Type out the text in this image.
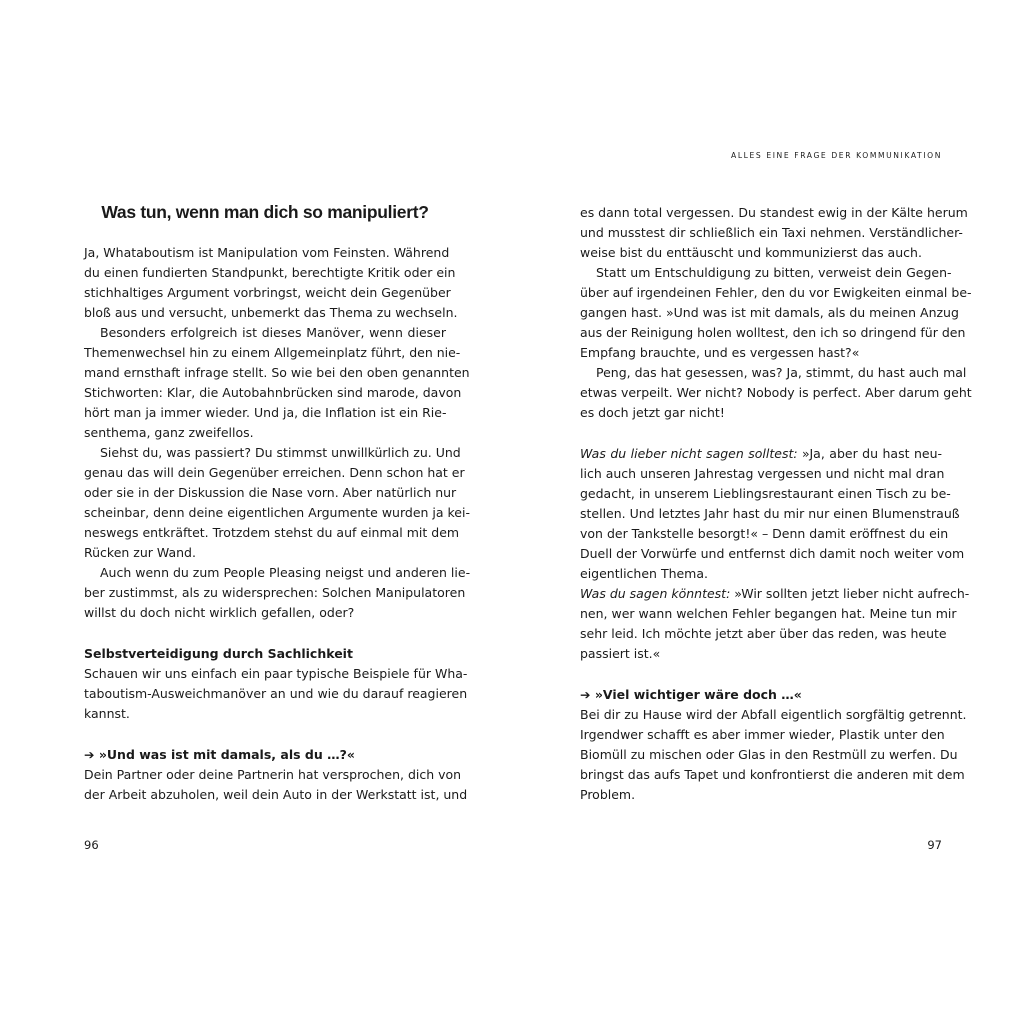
Was tun, wenn man dich so manipuliert?
Ja, Whataboutism ist Manipulation vom Feinsten. Während
du einen fundierten Standpunkt, berechtigte Kritik oder ein
stichhaltiges Argument vorbringst, weicht dein Gegenüber
bloß aus und versucht, unbemerkt das Thema zu wechseln.
Besonders erfolgreich ist dieses Manöver, wenn dieser
Themenwechsel hin zu einem Allgemeinplatz führt, den nie-
mand ernsthaft infrage stellt. So wie bei den oben genannten
Stichworten: Klar, die Autobahnbrücken sind marode, davon
hört man ja immer wieder. Und ja, die Inflation ist ein Rie-
senthema, ganz zweifellos.
Siehst du, was passiert? Du stimmst unwillkürlich zu. Und
genau das will dein Gegenüber erreichen. Denn schon hat er
oder sie in der Diskussion die Nase vorn. Aber natürlich nur
scheinbar, denn deine eigentlichen Argumente wurden ja kei-
neswegs entkräftet. Trotzdem stehst du auf einmal mit dem
Rücken zur Wand.
Auch wenn du zum People Pleasing neigst und anderen lie-
ber zustimmst, als zu widersprechen: Solchen Manipulatoren
willst du doch nicht wirklich gefallen, oder?
Selbstverteidigung durch Sachlichkeit
Schauen wir uns einfach ein paar typische Beispiele für Wha-
taboutism-Ausweichmanöver an und wie du darauf reagieren
kannst.
➔ »Und was ist mit damals, als du …?«
Dein Partner oder deine Partnerin hat versprochen, dich von
der Arbeit abzuholen, weil dein Auto in der Werkstatt ist, und
96
ALLES EINE FRAGE DER KOMMUNIKATION
es dann total vergessen. Du standest ewig in der Kälte herum
und musstest dir schließlich ein Taxi nehmen. Verständlicher-
weise bist du enttäuscht und kommunizierst das auch.
Statt um Entschuldigung zu bitten, verweist dein Gegen-
über auf irgendeinen Fehler, den du vor Ewigkeiten einmal be-
gangen hast. »Und was ist mit damals, als du meinen Anzug
aus der Reinigung holen wolltest, den ich so dringend für den
Empfang brauchte, und es vergessen hast?«
Peng, das hat gesessen, was? Ja, stimmt, du hast auch mal
etwas verpeilt. Wer nicht? Nobody is perfect. Aber darum geht
es doch jetzt gar nicht!
Was du lieber nicht sagen solltest: »Ja, aber du hast neu-
lich auch unseren Jahrestag vergessen und nicht mal dran
gedacht, in unserem Lieblingsrestaurant einen Tisch zu be-
stellen. Und letztes Jahr hast du mir nur einen Blumenstrauß
von der Tankstelle besorgt!« – Denn damit eröffnest du ein
Duell der Vorwürfe und entfernst dich damit noch weiter vom
eigentlichen Thema.
Was du sagen könntest: »Wir sollten jetzt lieber nicht aufrech-
nen, wer wann welchen Fehler begangen hat. Meine tun mir
sehr leid. Ich möchte jetzt aber über das reden, was heute
passiert ist.«
➔ »Viel wichtiger wäre doch …«
Bei dir zu Hause wird der Abfall eigentlich sorgfältig getrennt.
Irgendwer schafft es aber immer wieder, Plastik unter den
Biomüll zu mischen oder Glas in den Restmüll zu werfen. Du
bringst das aufs Tapet und konfrontierst die anderen mit dem
Problem.
97
